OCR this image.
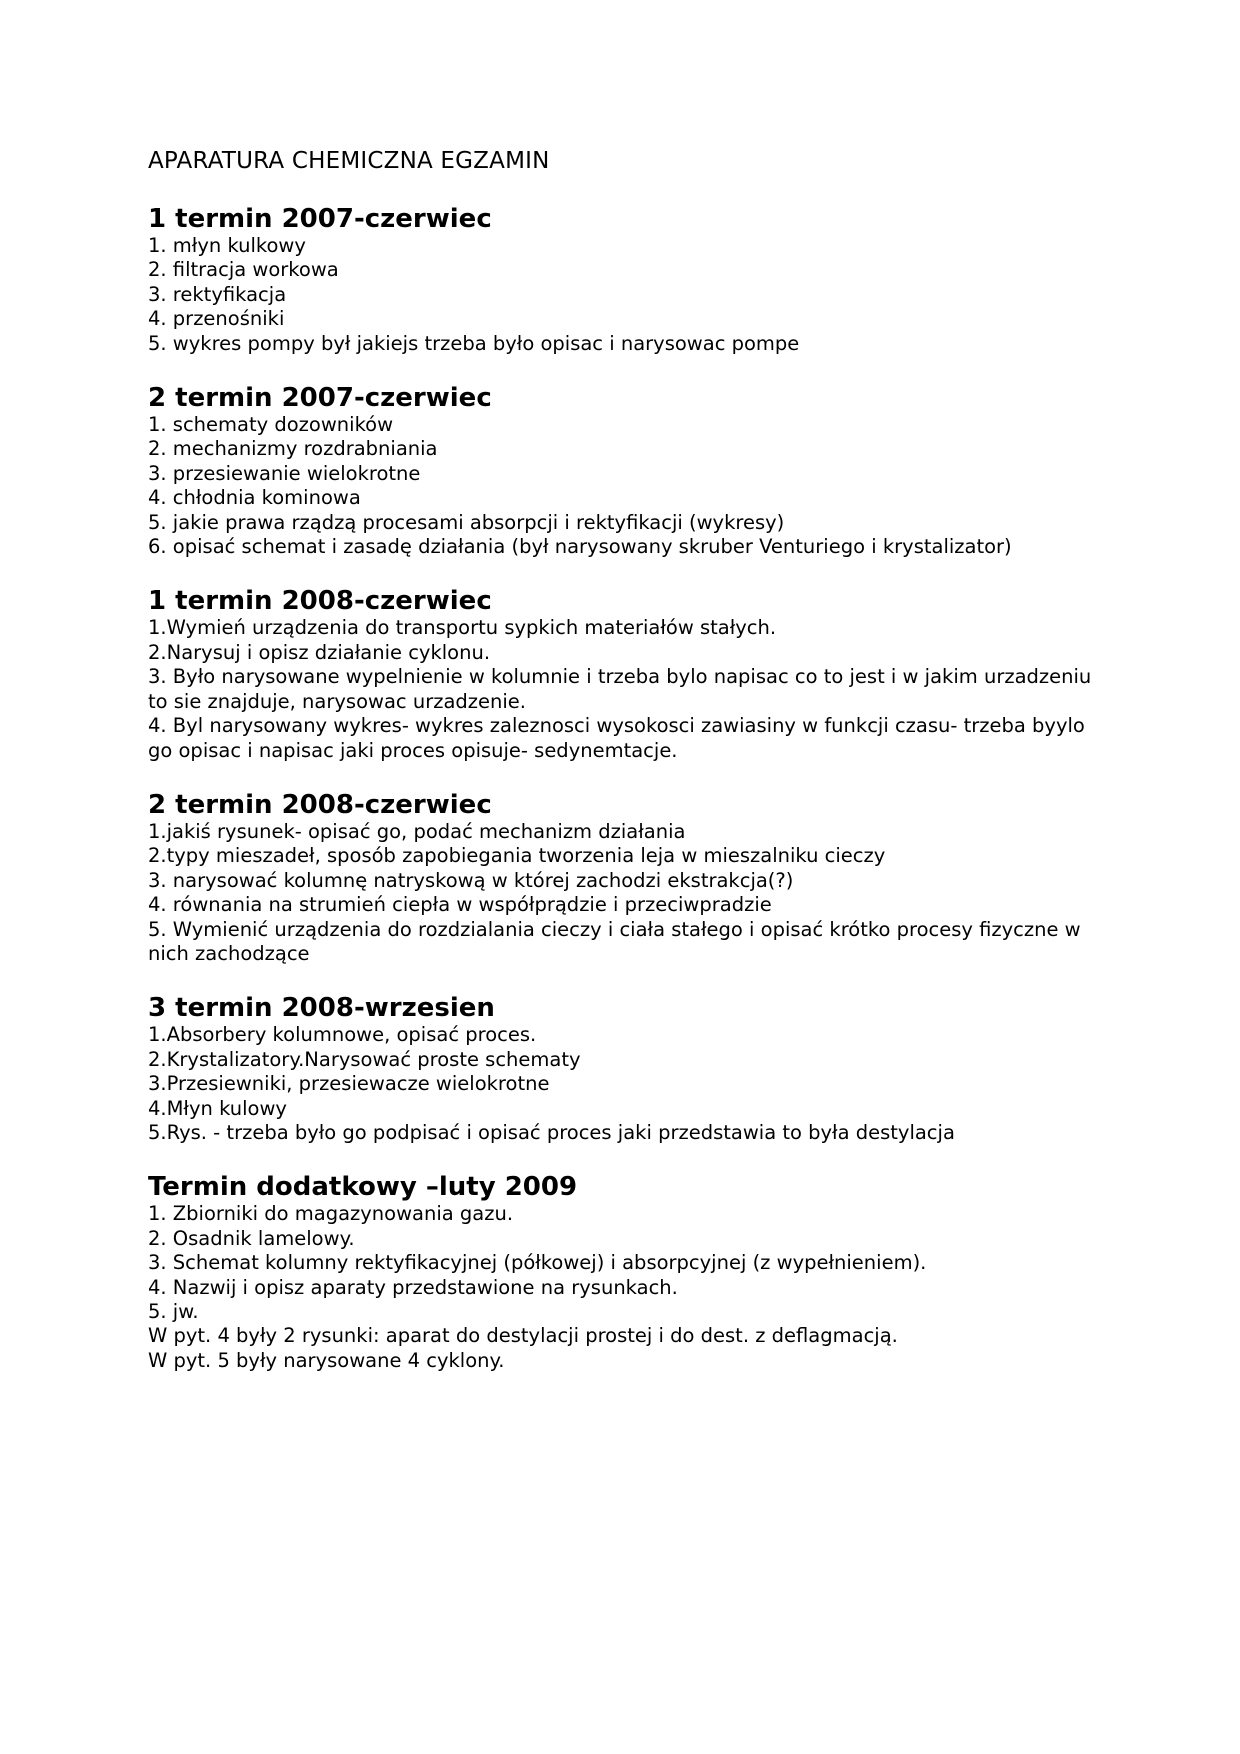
APARATURA CHEMICZNA EGZAMIN
1 termin 2007-czerwiec

1. młyn kulkowy

2. filtracja workowa

3. rektyfikacja

4. przenośniki

5. wykres pompy był jakiejs trzeba było opisac i narysowac pompe

2 termin 2007-czerwiec

1. schematy dozowników

2. mechanizmy rozdrabniania

3. przesiewanie wielokrotne

4. chłodnia kominowa

5. jakie prawa rządzą procesami absorpcji i rektyfikacji (wykresy)

6. opisać schemat i zasadę działania (był narysowany skruber Venturiego i krystalizator)

1 termin 2008-czerwiec

1.Wymień urządzenia do transportu sypkich materiałów stałych.

2.Narysuj i opisz działanie cyklonu.

3. Było narysowane wypelnienie w kolumnie i trzeba bylo napisac co to jest i w jakim urzadzeniu to sie znajduje, narysowac urzadzenie.

4. Byl narysowany wykres- wykres zaleznosci wysokosci zawiasiny w funkcji czasu- trzeba byylo go opisac i napisac jaki proces opisuje- sedynemtacje.

2 termin 2008-czerwiec

1.jakiś rysunek- opisać go, podać mechanizm działania

2.typy mieszadeł, sposób zapobiegania tworzenia leja w mieszalniku cieczy

3. narysować kolumnę natryskową w której zachodzi ekstrakcja(?)

4. równania na strumień ciepła w współprądzie i przeciwpradzie

5. Wymienić urządzenia do rozdzialania cieczy i ciała stałego i opisać krótko procesy fizyczne w nich zachodzące

3 termin 2008-wrzesien

1.Absorbery kolumnowe, opisać proces.

2.Krystalizatory.Narysować proste schematy

3.Przesiewniki, przesiewacze wielokrotne

4.Młyn kulowy

5.Rys. - trzeba było go podpisać i opisać proces jaki przedstawia to była destylacja

Termin dodatkowy –luty 2009

1. Zbiorniki do magazynowania gazu.

2. Osadnik lamelowy.

3. Schemat kolumny rektyfikacyjnej (półkowej) i absorpcyjnej (z wypełnieniem).

4. Nazwij i opisz aparaty przedstawione na rysunkach.

5. jw.

W pyt. 4 były 2 rysunki: aparat do destylacji prostej i do dest. z deflagmacją.

W pyt. 5 były narysowane 4 cyklony.
